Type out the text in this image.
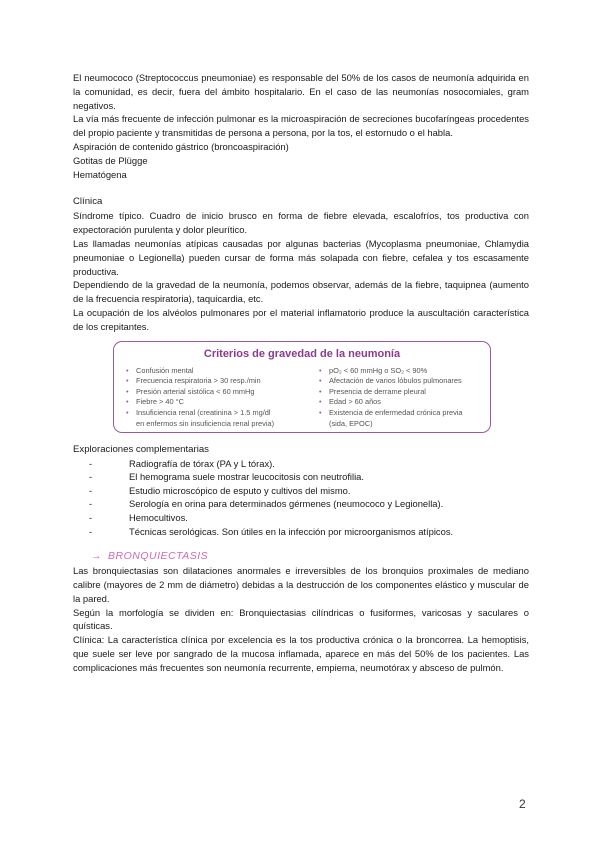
El neumococo (Streptococcus pneumoniae) es responsable del 50% de los casos de neumonía adquirida en la comunidad, es decir, fuera del ámbito hospitalario. En el caso de las neumonías nosocomiales, gram negativos.

La vía más frecuente de infección pulmonar es la microaspiración de secreciones bucofaríngeas procedentes del propio paciente y transmitidas de persona a persona, por la tos, el estornudo o el habla.

Aspiración de contenido gástrico (broncoaspiración)

Gotitas de Plügge

Hematógena

Clínica

Síndrome típico. Cuadro de inicio brusco en forma de fiebre elevada, escalofríos, tos productiva con expectoración purulenta y dolor pleurítico.

Las llamadas neumonías atípicas causadas por algunas bacterias (Mycoplasma pneumoniae, Chlamydia pneumoniae o Legionella) pueden cursar de forma más solapada con fiebre, cefalea y tos escasamente productiva.

Dependiendo de la gravedad de la neumonía, podemos observar, además de la fiebre, taquipnea (aumento de la frecuencia respiratoria), taquicardia, etc.

La ocupación de los alvéolos pulmonares por el material inflamatorio produce la auscultación característica de los crepitantes.

Criterios de gravedad de la neumonía
• Confusión mental
• Frecuencia respiratoria > 30 resp./min
• Presión arterial sistólica < 60 mmHg
• Fiebre > 40 °C
• Insuficiencia renal (creatinina > 1.5 mg/dl
en enfermos sin insuficiencia renal previa)
• pO₂ < 60 mmHg o SO₂ < 90%
• Afectación de varios lóbulos pulmonares
• Presencia de derrame pleural
• Edad > 60 años
• Existencia de enfermedad crónica previa
(sida, EPOC)

Exploraciones complementarias

- Radiografía de tórax (PA y L tórax).
- El hemograma suele mostrar leucocitosis con neutrofilia.
- Estudio microscópico de esputo y cultivos del mismo.
- Serología en orina para determinados gérmenes (neumococo y Legionella).
- Hemocultivos.
- Técnicas serológicas. Son útiles en la infección por microorganismos atípicos.
→ BRONQUIECTASIS

Las bronquiectasias son dilataciones anormales e irreversibles de los bronquios proximales de mediano calibre (mayores de 2 mm de diámetro) debidas a la destrucción de los componentes elástico y muscular de la pared.

Según la morfología se dividen en: Bronquiectasias cilíndricas o fusiformes, varicosas y saculares o quísticas.

Clínica: La característica clínica por excelencia es la tos productiva crónica o la broncorrea. La hemoptisis, que suele ser leve por sangrado de la mucosa inflamada, aparece en más del 50% de los pacientes. Las complicaciones más frecuentes son neumonía recurrente, empiema, neumotórax y absceso de pulmón.

2
